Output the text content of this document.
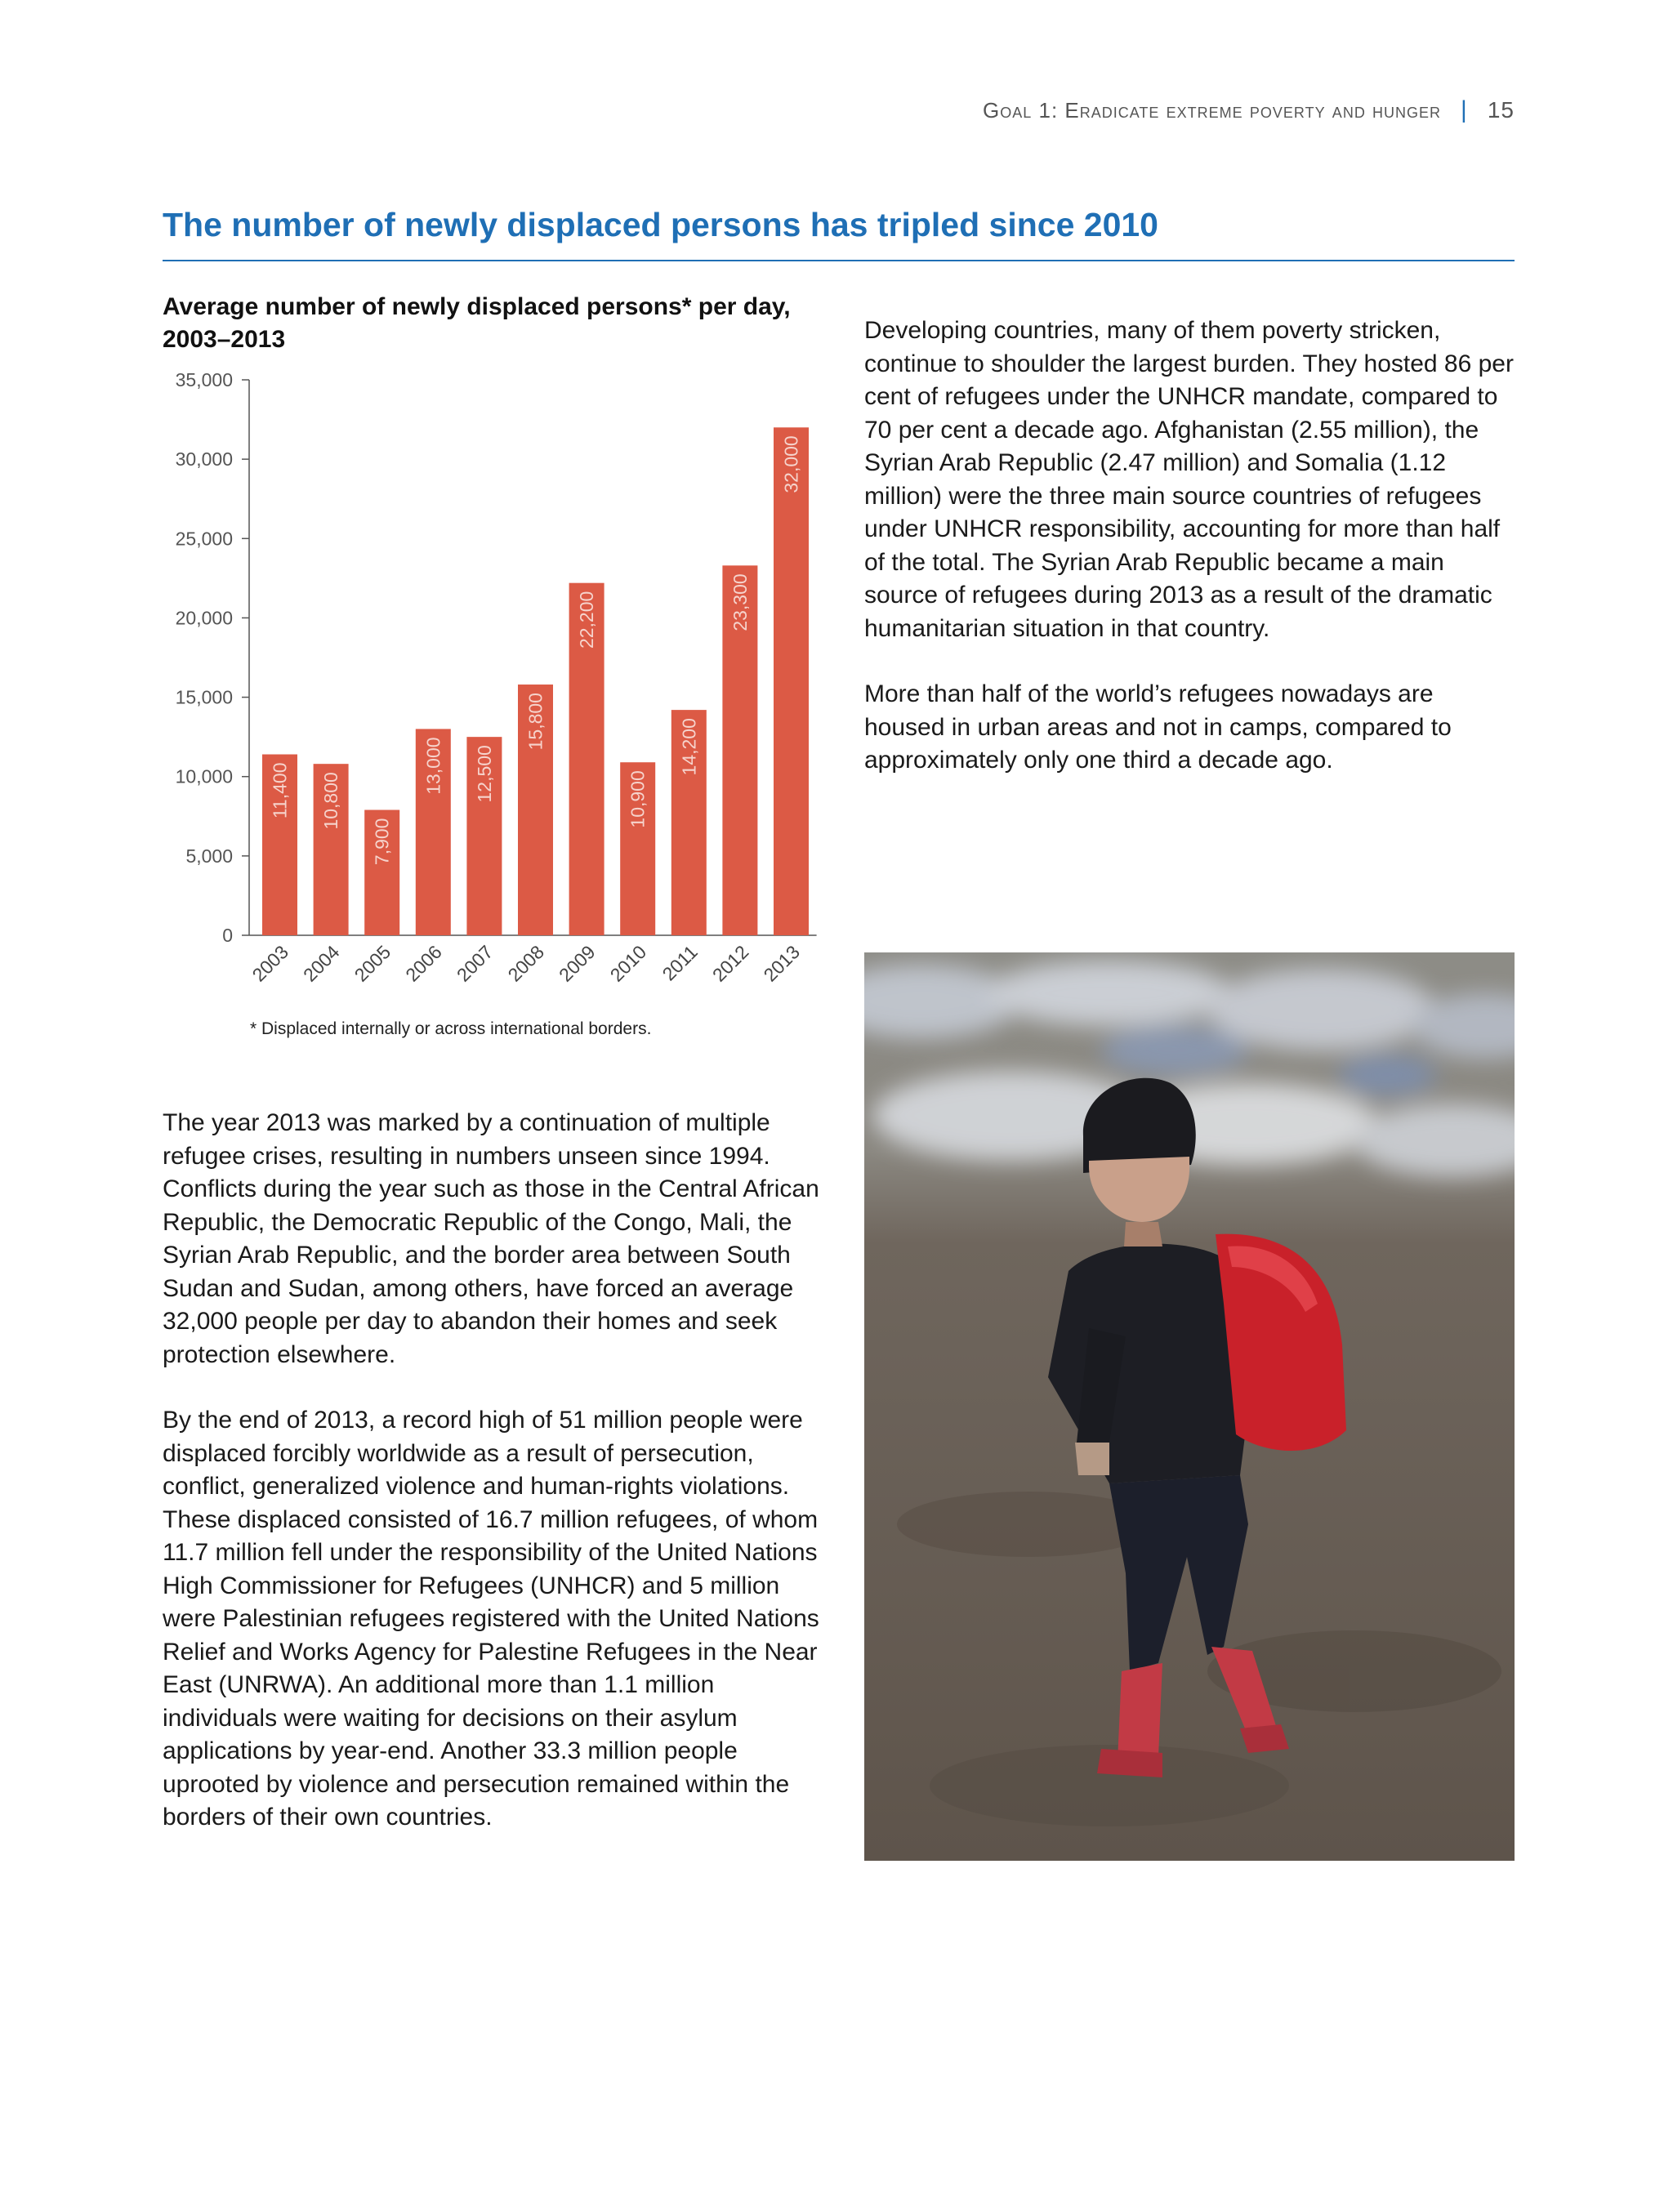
Goal 1: Eradicate extreme poverty and hunger | 15
The number of newly displaced persons has tripled since 2010
Average number of newly displaced persons* per day, 2003–2013
0
5,000
10,000
15,000
20,000
25,000
30,000
35,000
11,400
2003
10,800
2004
7,900
2005
13,000
2006
12,500
2007
15,800
2008
22,200
2009
10,900
2010
14,200
2011
23,300
2012
32,000
2013
* Displaced internally or across international borders.

Developing countries, many of them poverty stricken, continue to shoulder the largest burden. They hosted 86 per cent of refugees under the UNHCR mandate, compared to 70 per cent a decade ago. Afghanistan (2.55 million), the Syrian Arab Republic (2.47 million) and Somalia (1.12 million) were the three main source countries of refugees under UNHCR responsibility, accounting for more than half of the total. The Syrian Arab Republic became a main source of refugees during 2013 as a result of the dramatic humanitarian situation in that country.

More than half of the world’s refugees nowadays are housed in urban areas and not in camps, compared to approximately only one third a decade ago.

The year 2013 was marked by a continuation of multiple refugee crises, resulting in numbers unseen since 1994. Conflicts during the year such as those in the Central African Republic, the Democratic Republic of the Congo, Mali, the Syrian Arab Republic, and the border area between South Sudan and Sudan, among others, have forced an average 32,000 people per day to abandon their homes and seek protection elsewhere.

By the end of 2013, a record high of 51 million people were displaced forcibly worldwide as a result of persecution, conflict, generalized violence and human-rights violations. These displaced consisted of 16.7 million refugees, of whom 11.7 million fell under the responsibility of the United Nations High Commissioner for Refugees (UNHCR) and 5 million were Palestinian refugees registered with the United Nations Relief and Works Agency for Palestine Refugees in the Near East (UNRWA). An additional more than 1.1 million individuals were waiting for decisions on their asylum applications by year-end. Another 33.3 million people uprooted by violence and persecution remained within the borders of their own countries.
